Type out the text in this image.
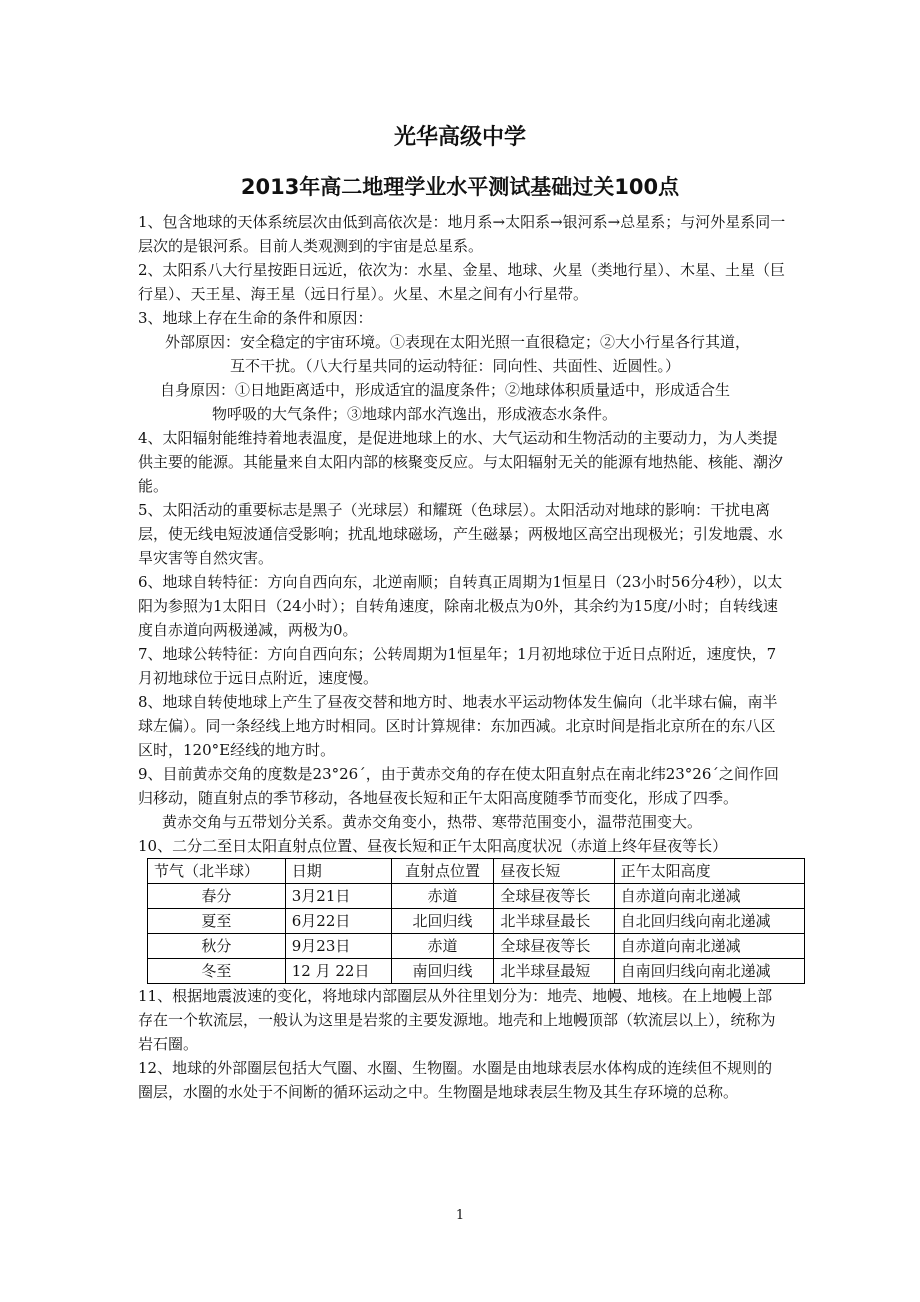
光华高级中学
2013年高二地理学业水平测试基础过关100点
1、包含地球的天体系统层次由低到高依次是：地月系→太阳系→银河系→总星系；与河外星系同一层次的是银河系。目前人类观测到的宇宙是总星系。
2、太阳系八大行星按距日远近，依次为：水星、金星、地球、火星（类地行星）、木星、土星（巨行星）、天王星、海王星（远日行星）。火星、木星之间有小行星带。
3、地球上存在生命的条件和原因：
外部原因：安全稳定的宇宙环境。①表现在太阳光照一直很稳定；②大小行星各行其道，
互不干扰。（八大行星共同的运动特征：同向性、共面性、近圆性。）
自身原因：①日地距离适中，形成适宜的温度条件；②地球体积质量适中，形成适合生
物呼吸的大气条件；③地球内部水汽逸出，形成液态水条件。
4、太阳辐射能维持着地表温度，是促进地球上的水、大气运动和生物活动的主要动力，为人类提供主要的能源。其能量来自太阳内部的核聚变反应。与太阳辐射无关的能源有地热能、核能、潮汐能。
5、太阳活动的重要标志是黑子（光球层）和耀斑（色球层）。太阳活动对地球的影响：干扰电离层，使无线电短波通信受影响；扰乱地球磁场，产生磁暴；两极地区高空出现极光；引发地震、水旱灾害等自然灾害。
6、地球自转特征：方向自西向东，北逆南顺；自转真正周期为1恒星日（23小时56分4秒），以太阳为参照为1太阳日（24小时）；自转角速度，除南北极点为0外，其余约为15度/小时；自转线速度自赤道向两极递减，两极为0。
7、地球公转特征：方向自西向东；公转周期为1恒星年；1月初地球位于近日点附近，速度快，7月初地球位于远日点附近，速度慢。
8、地球自转使地球上产生了昼夜交替和地方时、地表水平运动物体发生偏向（北半球右偏，南半球左偏）。同一条经线上地方时相同。区时计算规律：东加西减。北京时间是指北京所在的东八区区时，120°E经线的地方时。
9、目前黄赤交角的度数是23°26´，由于黄赤交角的存在使太阳直射点在南北纬23°26´之间作回归移动，随直射点的季节移动，各地昼夜长短和正午太阳高度随季节而变化，形成了四季。
黄赤交角与五带划分关系。黄赤交角变小，热带、寒带范围变小，温带范围变大。
10、二分二至日太阳直射点位置、昼夜长短和正午太阳高度状况（赤道上终年昼夜等长）
节气（北半球）	日期	直射点位置	昼夜长短	正午太阳高度
春分	3月21日	赤道	全球昼夜等长	自赤道向南北递减
夏至	6月22日	北回归线	北半球昼最长	自北回归线向南北递减
秋分	9月23日	赤道	全球昼夜等长	自赤道向南北递减
冬至	12 月 22日	南回归线	北半球昼最短	自南回归线向南北递减
11、根据地震波速的变化，将地球内部圈层从外往里划分为：地壳、地幔、地核。在上地幔上部存在一个软流层，一般认为这里是岩浆的主要发源地。地壳和上地幔顶部（软流层以上），统称为岩石圈。
12、地球的外部圈层包括大气圈、水圈、生物圈。水圈是由地球表层水体构成的连续但不规则的圈层，水圈的水处于不间断的循环运动之中。生物圈是地球表层生物及其生存环境的总称。
1
